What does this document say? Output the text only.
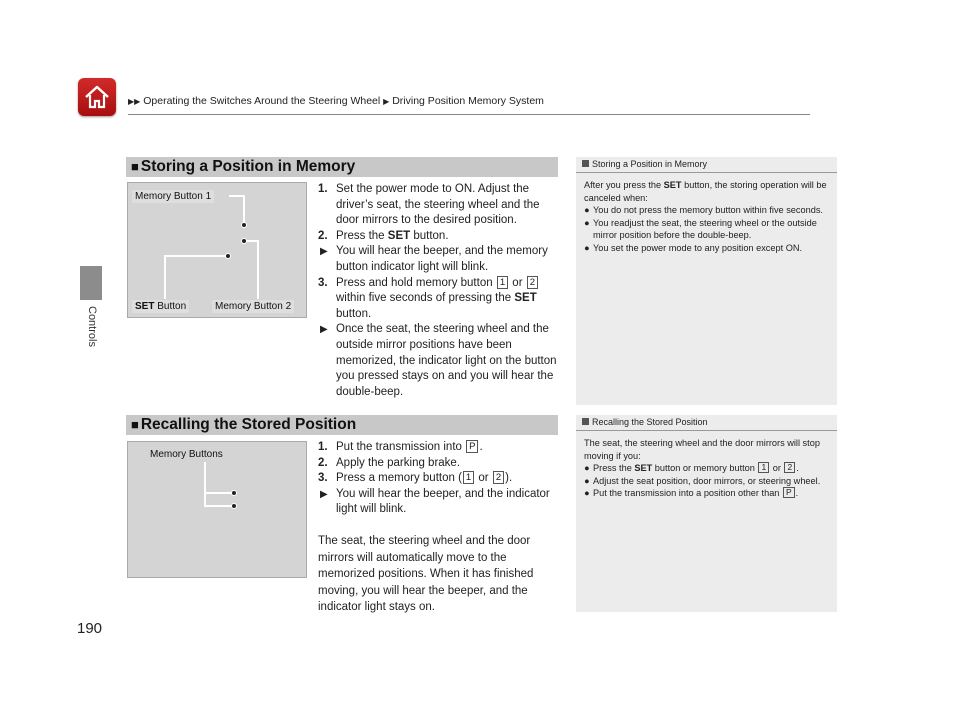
▶▶ Operating the Switches Around the Steering Wheel ▶ Driving Position Memory System
Controls
190
■ Storing a Position in Memory
Memory Button 1
SET Button	Memory Button 2
1. Set the power mode to ON. Adjust the driver’s seat, the steering wheel and the door mirrors to the desired position.
2. Press the SET button.
▶ You will hear the beeper, and the memory button indicator light will blink.
3. Press and hold memory button 1 or 2 within five seconds of pressing the SET button.
▶ Once the seat, the steering wheel and the outside mirror positions have been memorized, the indicator light on the button you pressed stays on and you will hear the double-beep.
Storing a Position in Memory
After you press the SET button, the storing operation will be canceled when:
● You do not press the memory button within five seconds.
● You readjust the seat, the steering wheel or the outside mirror position before the double-beep.
● You set the power mode to any position except ON.
■ Recalling the Stored Position
Memory Buttons
1. Put the transmission into P .
2. Apply the parking brake.
3. Press a memory button ( 1 or 2 ).
▶ You will hear the beeper, and the indicator light will blink.
The seat, the steering wheel and the door mirrors will automatically move to the memorized positions. When it has finished moving, you will hear the beeper, and the indicator light stays on.
Recalling the Stored Position
The seat, the steering wheel and the door mirrors will stop moving if you:
● Press the SET button or memory button 1 or 2 .
● Adjust the seat position, door mirrors, or steering wheel.
● Put the transmission into a position other than P .
